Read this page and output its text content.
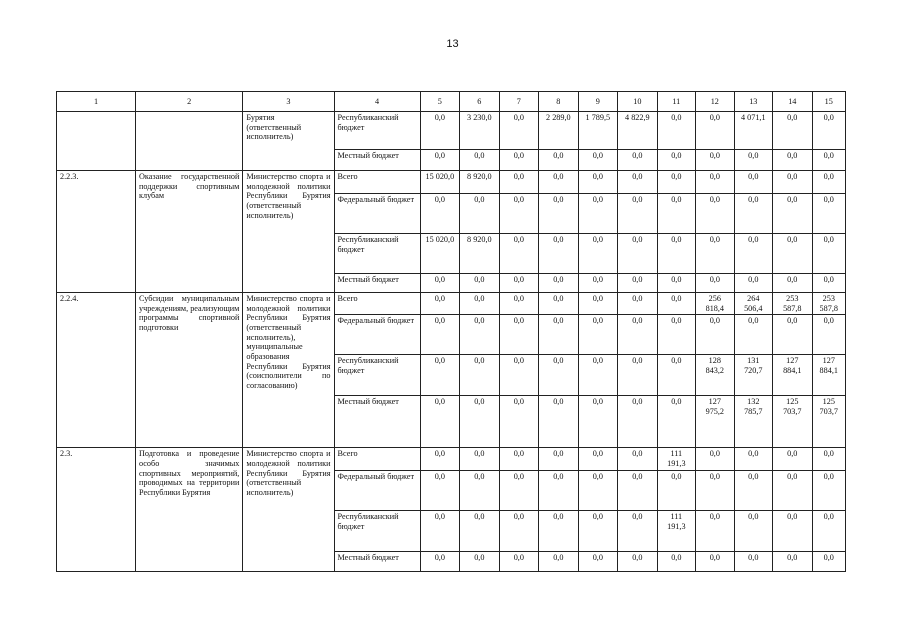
13
1	2	3	4	5	6	7	8	9	10	11	12	13	14	15
		Бурятия (ответственный исполнитель)	Республиканский бюджет	0,0	3 230,0	0,0	2 289,0	1 789,5	4 822,9	0,0	0,0	4 071,1	0,0	0,0
			Местный бюджет	0,0	0,0	0,0	0,0	0,0	0,0	0,0	0,0	0,0	0,0	0,0
2.2.3.	Оказание государственной поддержки спортивным клубам	Министерство спорта и молодежной политики Республики Бурятия (ответственный исполнитель)	Всего	15 020,0	8 920,0	0,0	0,0	0,0	0,0	0,0	0,0	0,0	0,0	0,0
			Федеральный бюджет	0,0	0,0	0,0	0,0	0,0	0,0	0,0	0,0	0,0	0,0	0,0
			Республиканский бюджет	15 020,0	8 920,0	0,0	0,0	0,0	0,0	0,0	0,0	0,0	0,0	0,0
			Местный бюджет	0,0	0,0	0,0	0,0	0,0	0,0	0,0	0,0	0,0	0,0	0,0
2.2.4.	Субсидии муниципальным учреждениям, реализующим программы спортивной подготовки	Министерство спорта и молодежной политики Республики Бурятия (ответственный исполнитель), муниципальные образования Республики Бурятия (соисполнители по согласованию)	Всего	0,0	0,0	0,0	0,0	0,0	0,0	0,0	256 818,4	264 506,4	253 587,8	253 587,8
			Федеральный бюджет	0,0	0,0	0,0	0,0	0,0	0,0	0,0	0,0	0,0	0,0	0,0
			Республиканский бюджет	0,0	0,0	0,0	0,0	0,0	0,0	0,0	128 843,2	131 720,7	127 884,1	127 884,1
			Местный бюджет	0,0	0,0	0,0	0,0	0,0	0,0	0,0	127 975,2	132 785,7	125 703,7	125 703,7
2.3.	Подготовка и проведение особо значимых спортивных мероприятий, проводимых на территории Республики Бурятия	Министерство спорта и молодежной политики Республики Бурятия (ответственный исполнитель)	Всего	0,0	0,0	0,0	0,0	0,0	0,0	111 191,3	0,0	0,0	0,0	0,0
			Федеральный бюджет	0,0	0,0	0,0	0,0	0,0	0,0	0,0	0,0	0,0	0,0	0,0
			Республиканский бюджет	0,0	0,0	0,0	0,0	0,0	0,0	111 191,3	0,0	0,0	0,0	0,0
			Местный бюджет	0,0	0,0	0,0	0,0	0,0	0,0	0,0	0,0	0,0	0,0	0,0
